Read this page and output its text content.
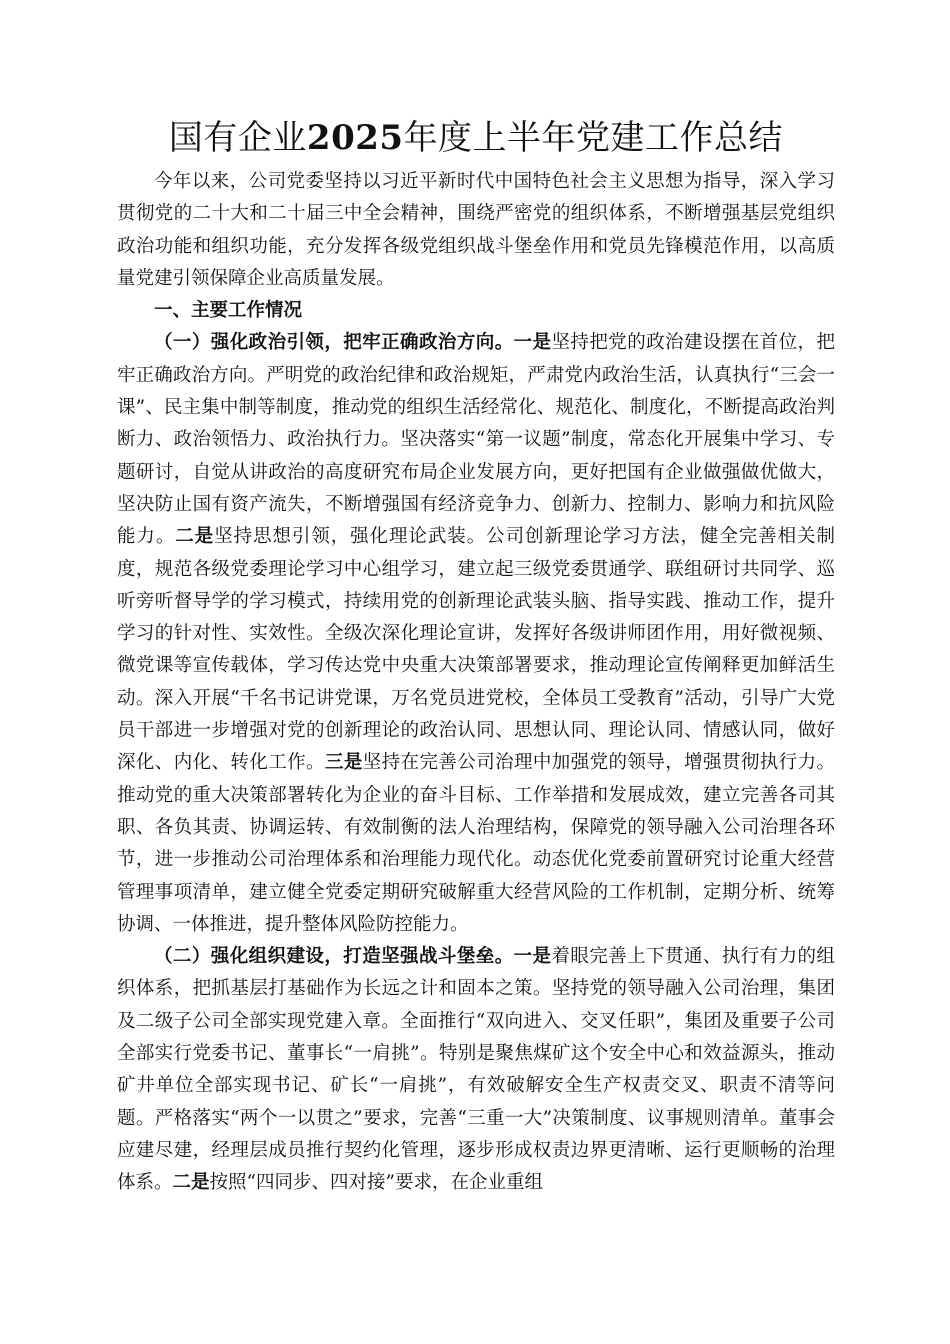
国有企业2025年度上半年党建工作总结

今年以来，公司党委坚持以习近平新时代中国特色社会主义思想为指导，深入学习贯彻党的二十大和二十届三中全会精神，围绕严密党的组织体系，不断增强基层党组织政治功能和组织功能，充分发挥各级党组织战斗堡垒作用和党员先锋模范作用，以高质量党建引领保障企业高质量发展。

一、主要工作情况

（一）强化政治引领，把牢正确政治方向。一是坚持把党的政治建设摆在首位，把牢正确政治方向。严明党的政治纪律和政治规矩，严肃党内政治生活，认真执行“三会一课”、民主集中制等制度，推动党的组织生活经常化、规范化、制度化，不断提高政治判断力、政治领悟力、政治执行力。坚决落实“第一议题”制度，常态化开展集中学习、专题研讨，自觉从讲政治的高度研究布局企业发展方向，更好把国有企业做强做优做大，坚决防止国有资产流失，不断增强国有经济竞争力、创新力、控制力、影响力和抗风险能力。二是坚持思想引领，强化理论武装。公司创新理论学习方法，健全完善相关制度，规范各级党委理论学习中心组学习，建立起三级党委贯通学、联组研讨共同学、巡听旁听督导学的学习模式，持续用党的创新理论武装头脑、指导实践、推动工作，提升学习的针对性、实效性。全级次深化理论宣讲，发挥好各级讲师团作用，用好微视频、微党课等宣传载体，学习传达党中央重大决策部署要求，推动理论宣传阐释更加鲜活生动。深入开展“千名书记讲党课，万名党员进党校，全体员工受教育”活动，引导广大党员干部进一步增强对党的创新理论的政治认同、思想认同、理论认同、情感认同，做好深化、内化、转化工作。三是坚持在完善公司治理中加强党的领导，增强贯彻执行力。推动党的重大决策部署转化为企业的奋斗目标、工作举措和发展成效，建立完善各司其职、各负其责、协调运转、有效制衡的法人治理结构，保障党的领导融入公司治理各环节，进一步推动公司治理体系和治理能力现代化。动态优化党委前置研究讨论重大经营管理事项清单，建立健全党委定期研究破解重大经营风险的工作机制，定期分析、统筹协调、一体推进，提升整体风险防控能力。

（二）强化组织建设，打造坚强战斗堡垒。一是着眼完善上下贯通、执行有力的组织体系，把抓基层打基础作为长远之计和固本之策。坚持党的领导融入公司治理，集团及二级子公司全部实现党建入章。全面推行“双向进入、交叉任职”，集团及重要子公司全部实行党委书记、董事长“一肩挑”。特别是聚焦煤矿这个安全中心和效益源头，推动矿井单位全部实现书记、矿长“一肩挑”，有效破解安全生产权责交叉、职责不清等问题。严格落实“两个一以贯之”要求，完善“三重一大”决策制度、议事规则清单。董事会应建尽建，经理层成员推行契约化管理，逐步形成权责边界更清晰、运行更顺畅的治理体系。二是按照“四同步、四对接”要求，在企业重组
